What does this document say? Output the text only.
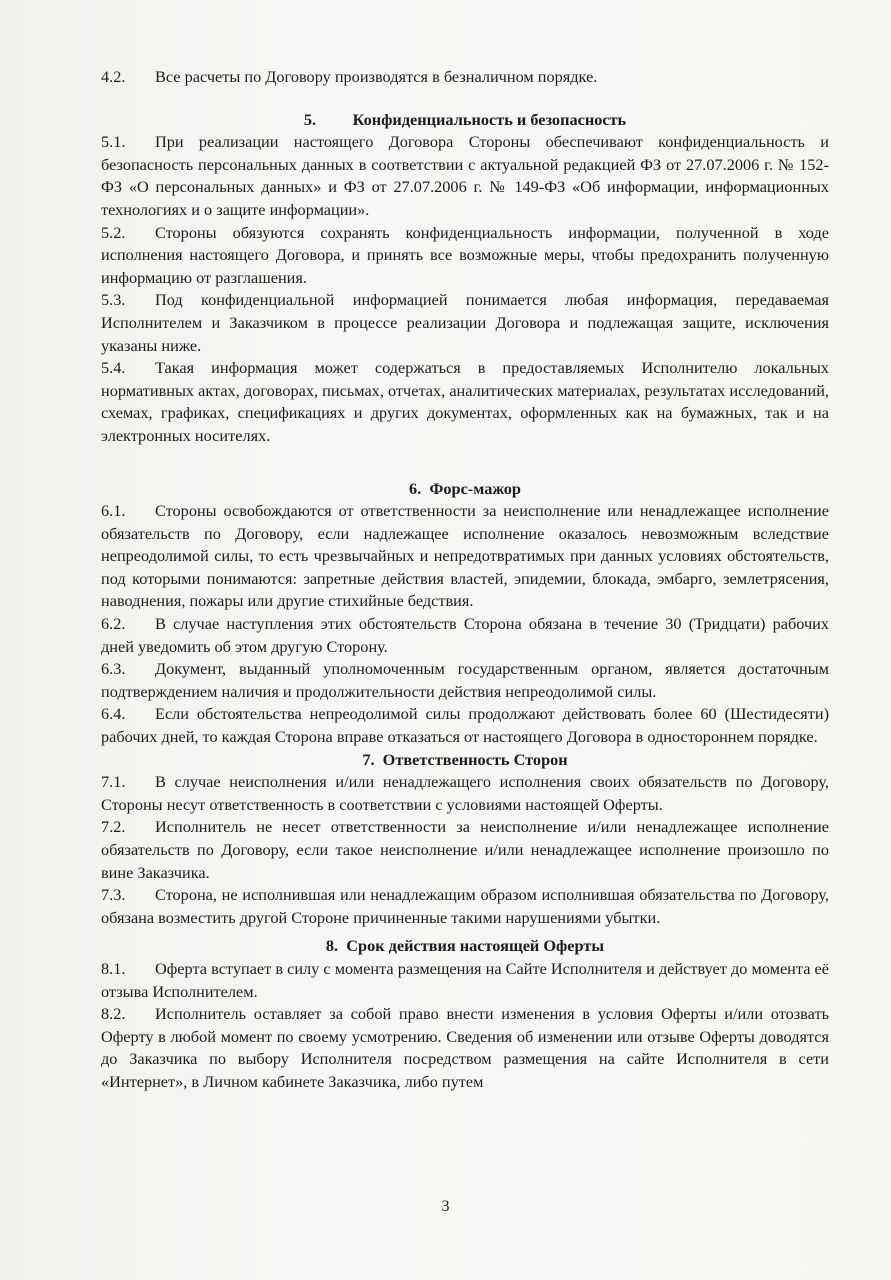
4.2. Все расчеты по Договору производятся в безналичном порядке.

5.         Конфиденциальность и безопасность

5.1. При реализации настоящего Договора Стороны обеспечивают конфиденциальность и безопасность персональных данных в соответствии с актуальной редакцией ФЗ от 27.07.2006 г. № 152-ФЗ «О персональных данных» и ФЗ от 27.07.2006 г. № 149-ФЗ «Об информации, информационных технологиях и о защите информации».

5.2. Стороны обязуются сохранять конфиденциальность информации, полученной в ходе исполнения настоящего Договора, и принять все возможные меры, чтобы предохранить полученную информацию от разглашения.

5.3. Под конфиденциальной информацией понимается любая информация, передаваемая Исполнителем и Заказчиком в процессе реализации Договора и подлежащая защите, исключения указаны ниже.

5.4. Такая информация может содержаться в предоставляемых Исполнителю локальных нормативных актах, договорах, письмах, отчетах, аналитических материалах, результатах исследований, схемах, графиках, спецификациях и других документах, оформленных как на бумажных, так и на электронных носителях.

6.  Форс-мажор

6.1. Стороны освобождаются от ответственности за неисполнение или ненадлежащее исполнение обязательств по Договору, если надлежащее исполнение оказалось невозможным вследствие непреодолимой силы, то есть чрезвычайных и непредотвратимых при данных условиях обстоятельств, под которыми понимаются: запретные действия властей, эпидемии, блокада, эмбарго, землетрясения, наводнения, пожары или другие стихийные бедствия.

6.2. В случае наступления этих обстоятельств Сторона обязана в течение 30 (Тридцати) рабочих дней уведомить об этом другую Сторону.

6.3. Документ, выданный уполномоченным государственным органом, является достаточным подтверждением наличия и продолжительности действия непреодолимой силы.

6.4. Если обстоятельства непреодолимой силы продолжают действовать более 60 (Шестидесяти) рабочих дней, то каждая Сторона вправе отказаться от настоящего Договора в одностороннем порядке.

7.  Ответственность Сторон

7.1. В случае неисполнения и/или ненадлежащего исполнения своих обязательств по Договору, Стороны несут ответственность в соответствии с условиями настоящей Оферты.

7.2. Исполнитель не несет ответственности за неисполнение и/или ненадлежащее исполнение обязательств по Договору, если такое неисполнение и/или ненадлежащее исполнение произошло по вине Заказчика.

7.3. Сторона, не исполнившая или ненадлежащим образом исполнившая обязательства по Договору, обязана возместить другой Стороне причиненные такими нарушениями убытки.

8.  Срок действия настоящей Оферты

8.1. Оферта вступает в силу с момента размещения на Сайте Исполнителя и действует до момента её отзыва Исполнителем.

8.2. Исполнитель оставляет за собой право внести изменения в условия Оферты и/или отозвать Оферту в любой момент по своему усмотрению. Сведения об изменении или отзыве Оферты доводятся до Заказчика по выбору Исполнителя посредством размещения на сайте Исполнителя в сети «Интернет», в Личном кабинете Заказчика, либо путем

3
